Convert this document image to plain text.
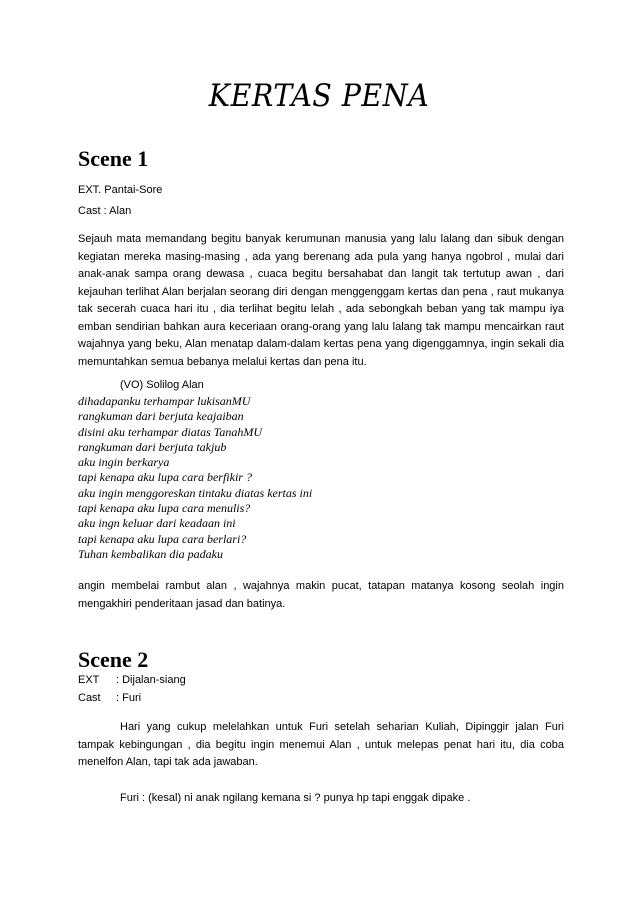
KERTAS PENA
Scene 1
EXT. Pantai-Sore
Cast : Alan
Sejauh mata memandang begitu banyak kerumunan manusia yang lalu lalang dan sibuk dengan kegiatan mereka masing-masing , ada yang berenang ada pula yang hanya ngobrol , mulai dari anak-anak sampa orang dewasa , cuaca begitu bersahabat dan langit tak tertutup awan , dari kejauhan terlihat Alan berjalan seorang diri dengan menggenggam kertas dan pena , raut mukanya tak secerah cuaca hari itu , dia terlihat begitu lelah , ada sebongkah beban yang tak mampu iya emban sendirian bahkan aura keceriaan orang-orang yang lalu lalang tak mampu mencairkan raut wajahnya yang beku, Alan menatap dalam-dalam kertas pena yang digenggamnya, ingin sekali dia memuntahkan semua bebanya melalui kertas dan pena itu.
(VO) Solilog Alan
dihadapanku terhampar lukisanMU
rangkuman dari berjuta keajaiban
disini aku terhampar diatas TanahMU
rangkuman dari berjuta takjub
aku ingin berkarya
tapi kenapa aku lupa cara berfikir ?
aku ingin menggoreskan tintaku diatas kertas ini
tapi kenapa aku lupa cara menulis?
aku ingn keluar dari keadaan ini
tapi kenapa aku lupa cara berlari?
Tuhan kembalikan dia padaku
angin membelai rambut alan , wajahnya makin pucat, tatapan matanya kosong seolah ingin mengakhiri penderitaan jasad dan batinya.
Scene 2
EXT : Dijalan-siang
Cast : Furi
Hari yang cukup melelahkan untuk Furi setelah seharian Kuliah, Dipinggir jalan Furi tampak kebingungan , dia begitu ingin menemui Alan , untuk melepas penat hari itu, dia coba menelfon Alan, tapi tak ada jawaban.
Furi : (kesal) ni anak ngilang kemana si ? punya hp tapi enggak dipake .
